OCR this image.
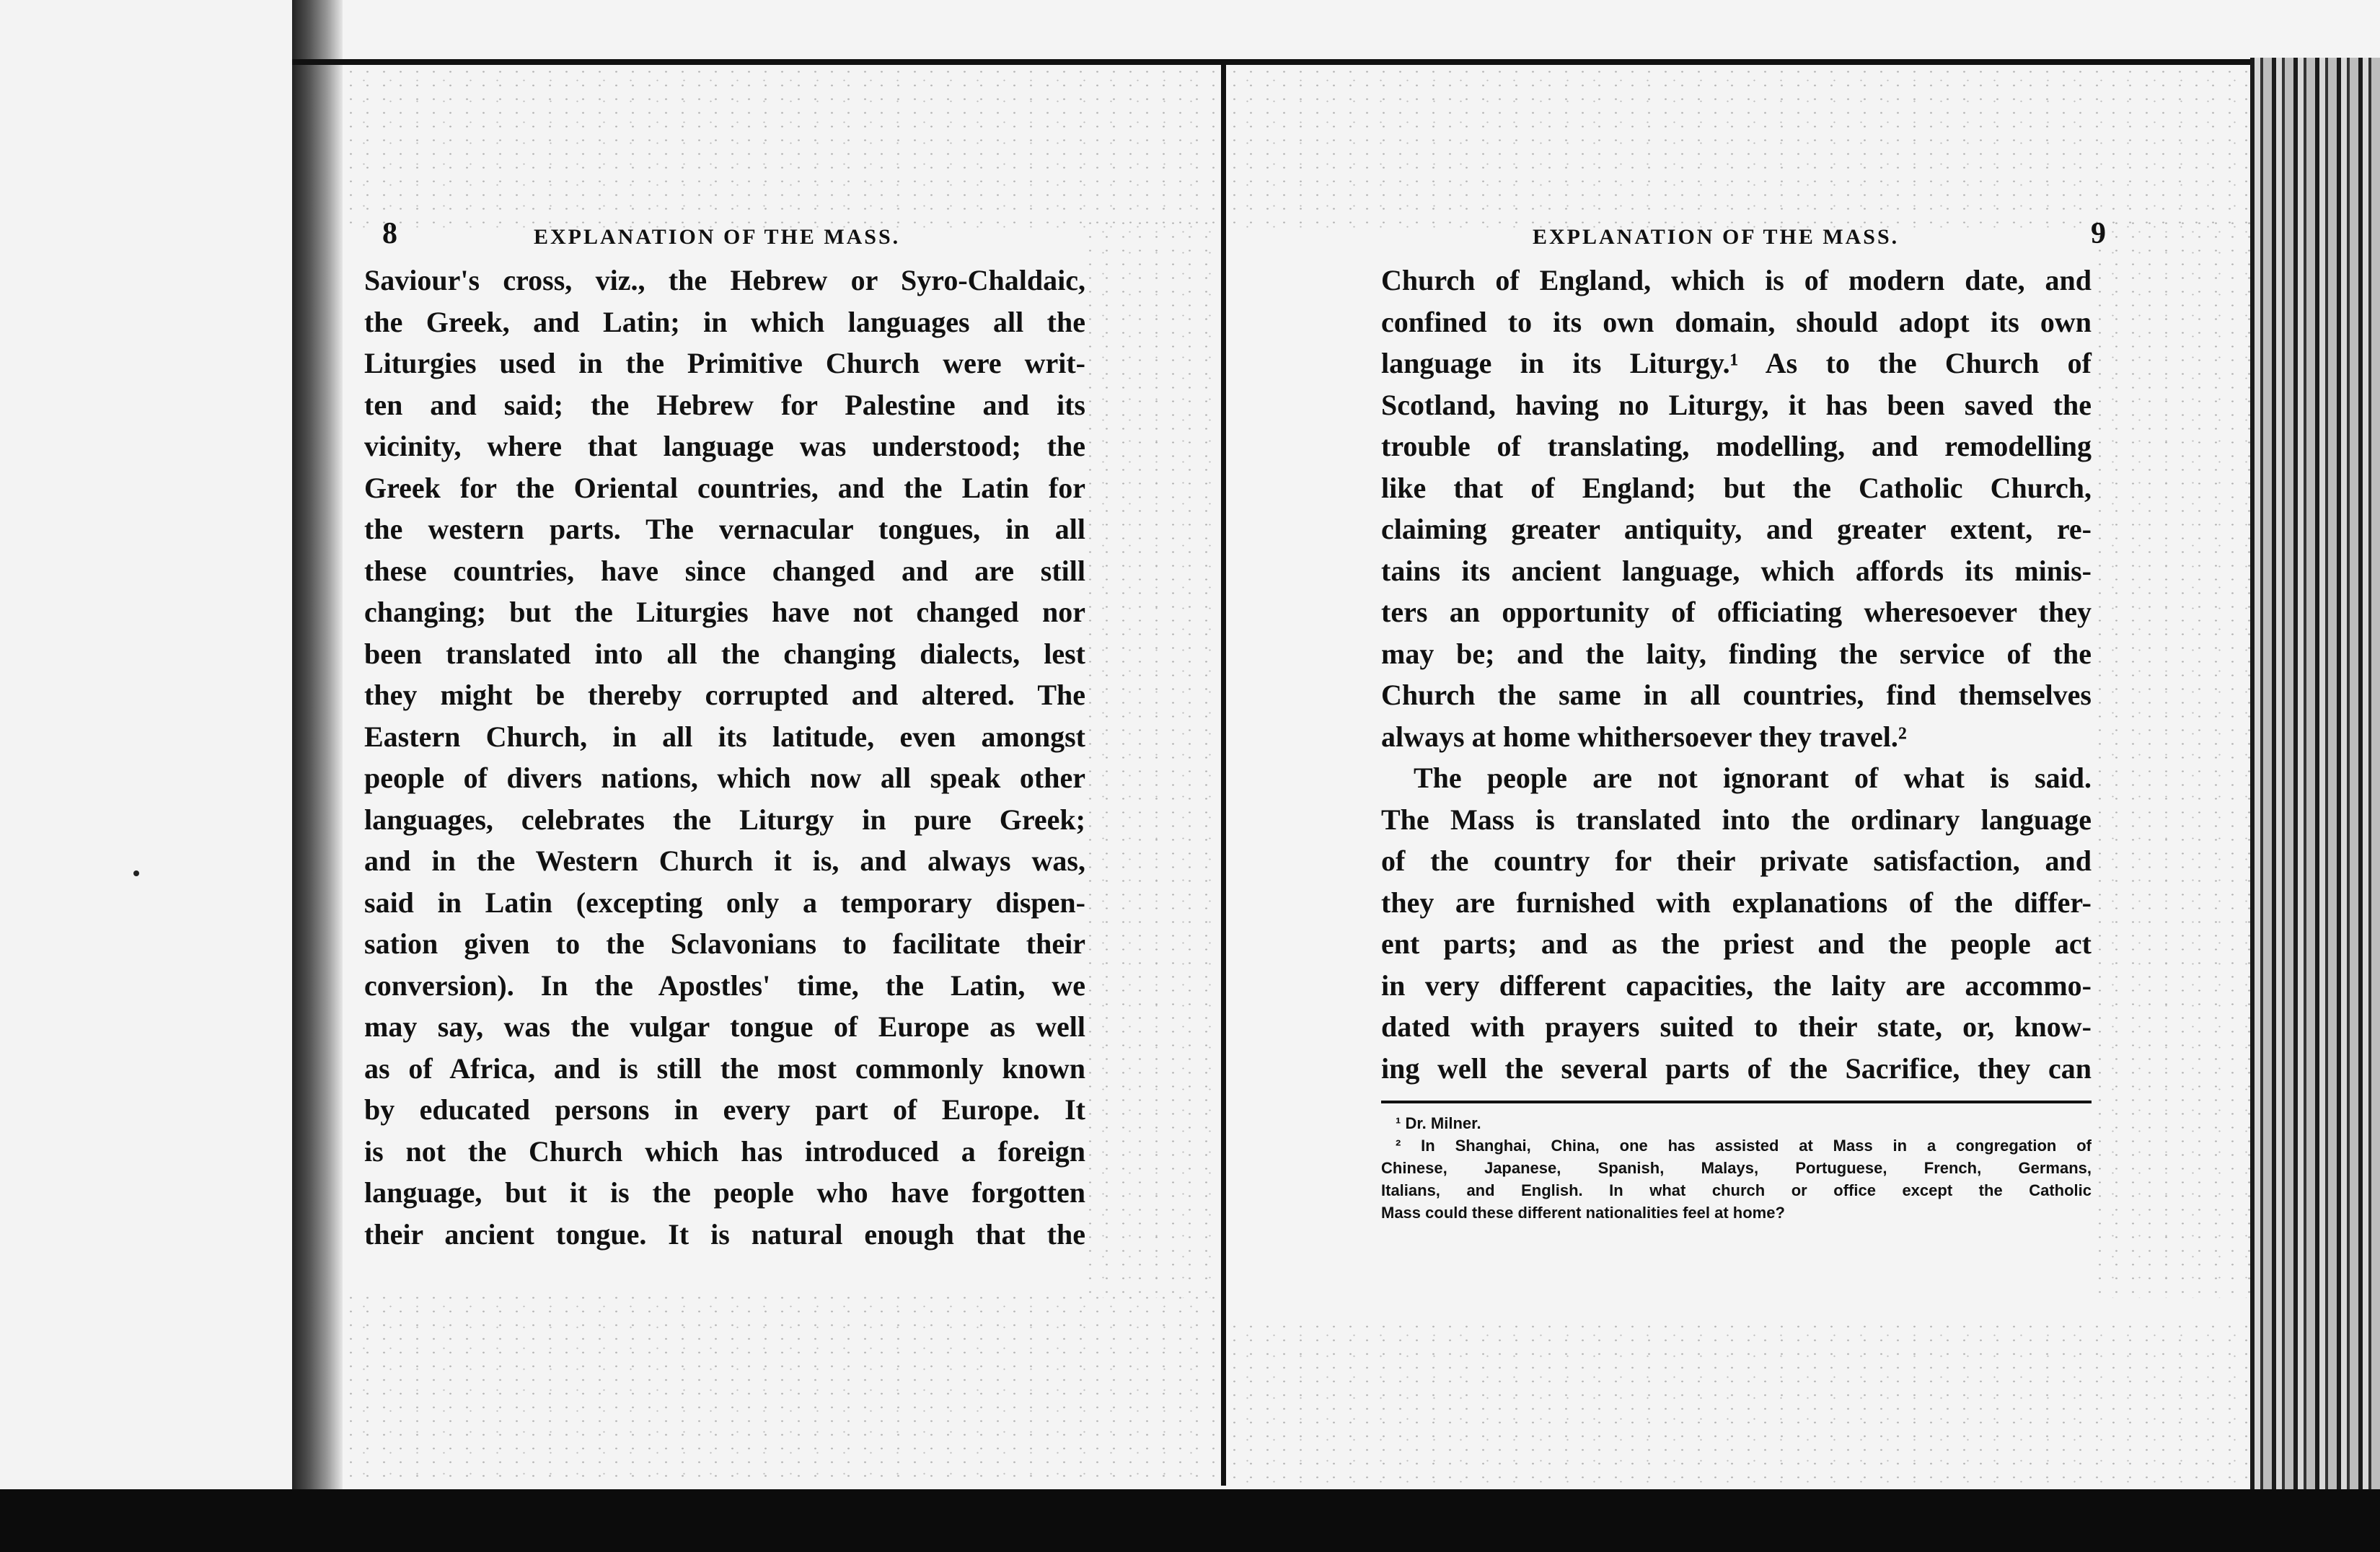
8	EXPLANATION OF THE MASS.
Saviour's cross, viz., the Hebrew or Syro-Chaldaic,
the Greek, and Latin; in which languages all the
Liturgies used in the Primitive Church were writ-
ten and said; the Hebrew for Palestine and its
vicinity, where that language was understood; the
Greek for the Oriental countries, and the Latin for
the western parts. The vernacular tongues, in all
these countries, have since changed and are still
changing; but the Liturgies have not changed nor
been translated into all the changing dialects, lest
they might be thereby corrupted and altered. The
Eastern Church, in all its latitude, even amongst
people of divers nations, which now all speak other
languages, celebrates the Liturgy in pure Greek;
and in the Western Church it is, and always was,
said in Latin (excepting only a temporary dispen-
sation given to the Sclavonians to facilitate their
conversion). In the Apostles' time, the Latin, we
may say, was the vulgar tongue of Europe as well
as of Africa, and is still the most commonly known
by educated persons in every part of Europe. It
is not the Church which has introduced a foreign
language, but it is the people who have forgotten
their ancient tongue. It is natural enough that the
EXPLANATION OF THE MASS.	9
Church of England, which is of modern date, and
confined to its own domain, should adopt its own
language in its Liturgy.¹ As to the Church of
Scotland, having no Liturgy, it has been saved the
trouble of translating, modelling, and remodelling
like that of England; but the Catholic Church,
claiming greater antiquity, and greater extent, re-
tains its ancient language, which affords its minis-
ters an opportunity of officiating wheresoever they
may be; and the laity, finding the service of the
Church the same in all countries, find themselves
always at home whithersoever they travel.²
The people are not ignorant of what is said.
The Mass is translated into the ordinary language
of the country for their private satisfaction, and
they are furnished with explanations of the differ-
ent parts; and as the priest and the people act
in very different capacities, the laity are accommo-
dated with prayers suited to their state, or, know-
ing well the several parts of the Sacrifice, they can
¹ Dr. Milner.
² In Shanghai, China, one has assisted at Mass in a congregation of
Chinese, Japanese, Spanish, Malays, Portuguese, French, Germans,
Italians, and English. In what church or office except the Catholic
Mass could these different nationalities feel at home?
